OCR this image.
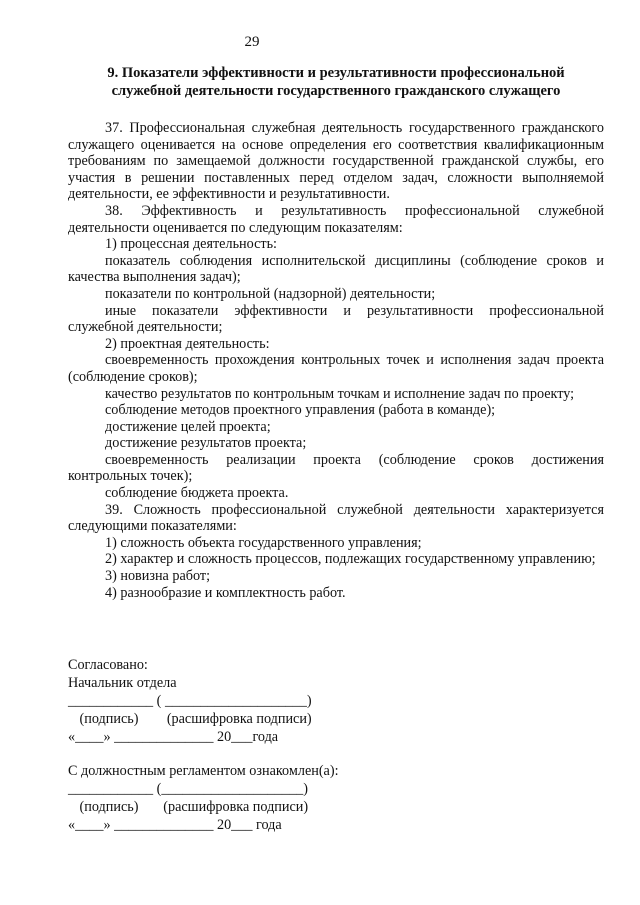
29
9. Показатели эффективности и результативности профессиональной
служебной деятельности государственного гражданского служащего

37. Профессиональная служебная деятельность государственного гражданского служащего оценивается на основе определения его соответствия квалификационным требованиям по замещаемой должности государственной гражданской службы, его участия в решении поставленных перед отделом задач, сложности выполняемой деятельности, ее эффективности и результативности.

38. Эффективность и результативность профессиональной служебной деятельности оценивается по следующим показателям:

1) процессная деятельность:

показатель соблюдения исполнительской дисциплины (соблюдение сроков и качества выполнения задач);

показатели по контрольной (надзорной) деятельности;

иные показатели эффективности и результативности профессиональной служебной деятельности;

2) проектная деятельность:

своевременность прохождения контрольных точек и исполнения задач проекта (соблюдение сроков);

качество результатов по контрольным точкам и исполнение задач по проекту;

соблюдение методов проектного управления (работа в команде);

достижение целей проекта;

достижение результатов проекта;

своевременность реализации проекта (соблюдение сроков достижения контрольных точек);

соблюдение бюджета проекта.

39. Сложность профессиональной служебной деятельности характеризуется следующими показателями:

1) сложность объекта государственного управления;

2) характер и сложность процессов, подлежащих государственному управлению;

3) новизна работ;

4) разнообразие и комплектность работ.

Согласовано:
Начальник отдела
____________ ( ____________________)
(подпись)        (расшифровка подписи)
«____» ______________ 20___года
С должностным регламентом ознакомлен(а):
____________ (____________________)
(подпись)       (расшифровка подписи)
«____» ______________ 20___ года
